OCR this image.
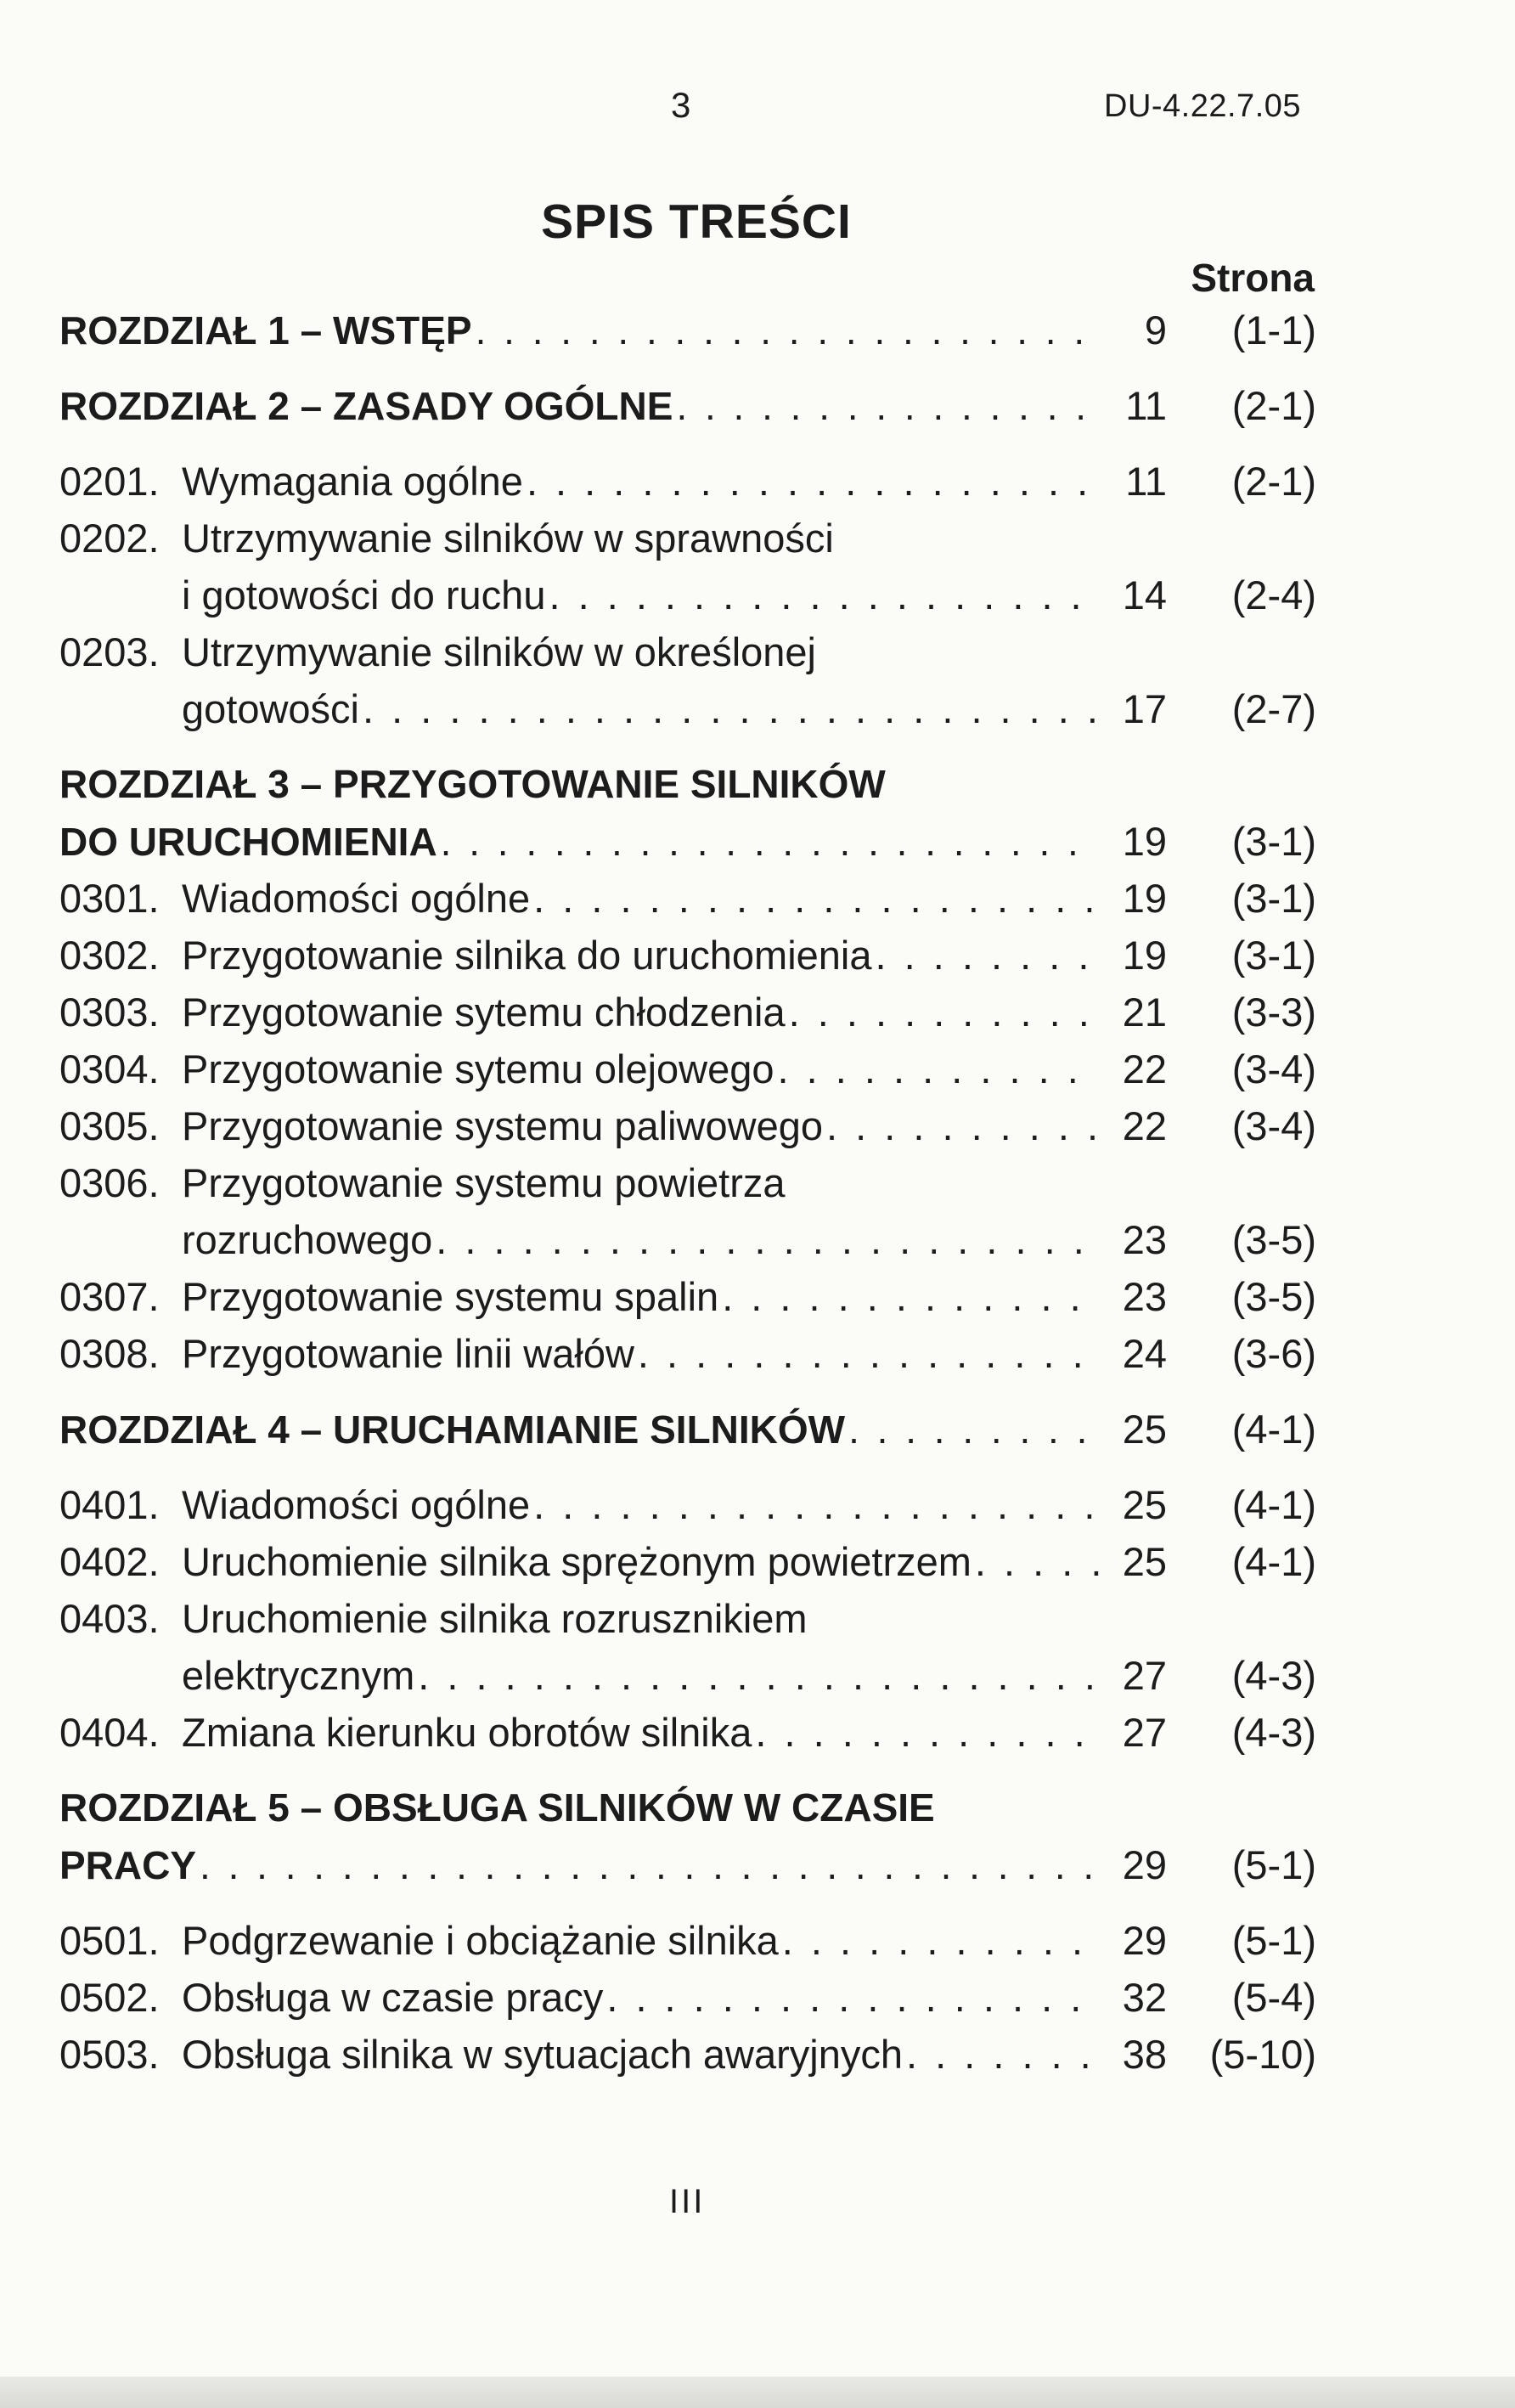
3	DU-4.22.7.05
SPIS TREŚCI
Strona
ROZDZIAŁ 1 – WSTĘP . . .	9	(1-1)
ROZDZIAŁ 2 – ZASADY OGÓLNE . . .	11	(2-1)
0201. Wymagania ogólne . . .	11	(2-1)
0202. Utrzymywanie silników w sprawności
i gotowości do ruchu . . .	14	(2-4)
0203. Utrzymywanie silników w określonej
gotowości . . .	17	(2-7)
ROZDZIAŁ 3 – PRZYGOTOWANIE SILNIKÓW
DO URUCHOMIENIA . . .	19	(3-1)
0301. Wiadomości ogólne . . .	19	(3-1)
0302. Przygotowanie silnika do uruchomienia . . .	19	(3-1)
0303. Przygotowanie sytemu chłodzenia . . .	21	(3-3)
0304. Przygotowanie sytemu olejowego . . .	22	(3-4)
0305. Przygotowanie systemu paliwowego . . .	22	(3-4)
0306. Przygotowanie systemu powietrza
rozruchowego . . .	23	(3-5)
0307. Przygotowanie systemu spalin . . .	23	(3-5)
0308. Przygotowanie linii wałów . . .	24	(3-6)
ROZDZIAŁ 4 – URUCHAMIANIE SILNIKÓW . . .	25	(4-1)
0401. Wiadomości ogólne . . .	25	(4-1)
0402. Uruchomienie silnika sprężonym powietrzem . . .	25	(4-1)
0403. Uruchomienie silnika rozrusznikiem
elektrycznym . . .	27	(4-3)
0404. Zmiana kierunku obrotów silnika . . .	27	(4-3)
ROZDZIAŁ 5 – OBSŁUGA SILNIKÓW W CZASIE
PRACY . . .	29	(5-1)
0501. Podgrzewanie i obciążanie silnika . . .	29	(5-1)
0502. Obsługa w czasie pracy . . .	32	(5-4)
0503. Obsługa silnika w sytuacjach awaryjnych . . .	38	(5-10)
III
